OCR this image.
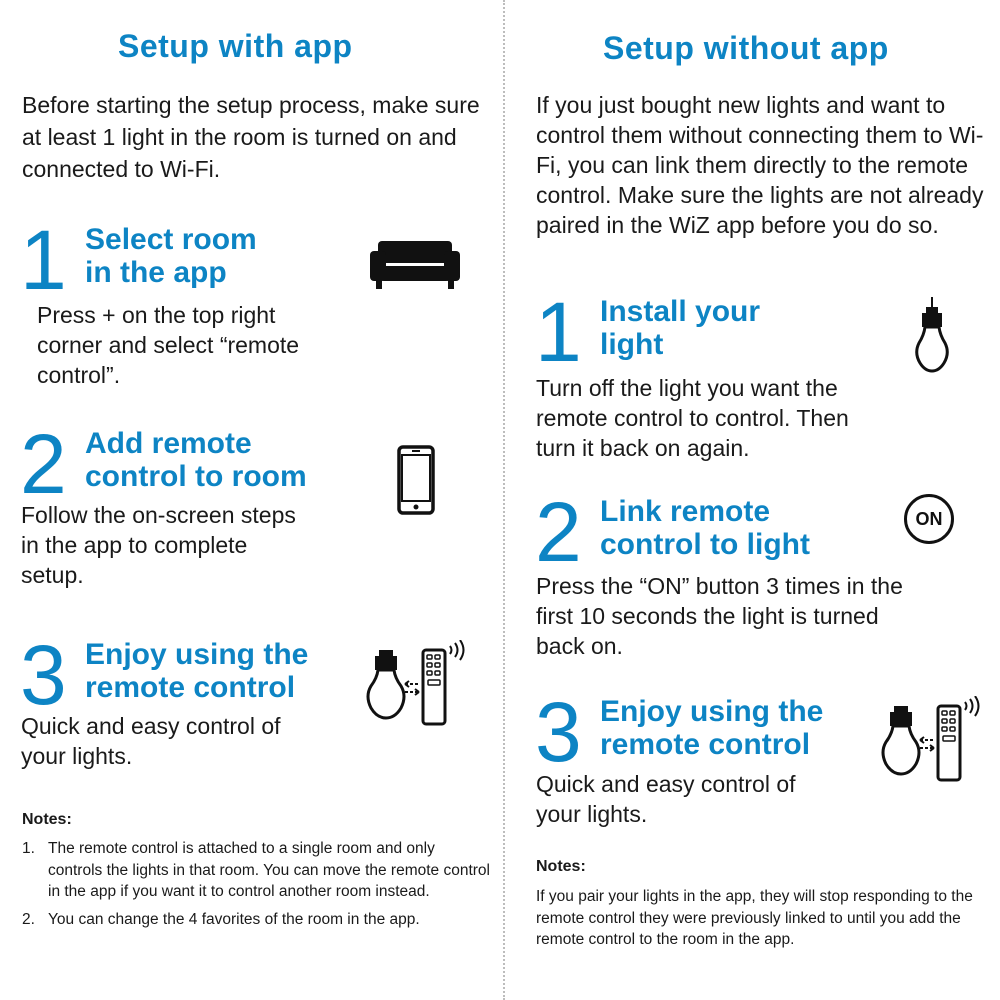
Setup with app

Before starting the setup process, make sure at least 1 light in the room is turned on and connected to Wi-Fi.

1 Select room
in the app

Press + on the top right corner and select “remote control”.

2 Add remote
control to room

Follow the on-screen steps in the app to complete setup.

3 Enjoy using the
remote control

Quick and easy control of your lights.

Notes:
1. The remote control is attached to a single room and only controls the lights in that room. You can move the remote control in the app if you want it to control another room instead.
2. You can change the 4 favorites of the room in the app.
Setup without app

If you just bought new lights and want to control them without connecting them to Wi-Fi, you can link them directly to the remote control. Make sure the lights are not already paired in the WiZ app before you do so.

1 Install your
light

Turn off the light you want the remote control to control. Then turn it back on again.

2 Link remote
control to light

Press the “ON” button 3 times in the first 10 seconds the light is turned back on.

ON
3 Enjoy using the
remote control

Quick and easy control of your lights.

Notes:

If you pair your lights in the app, they will stop responding to the remote control they were previously linked to until you add the remote control to the room in the app.
